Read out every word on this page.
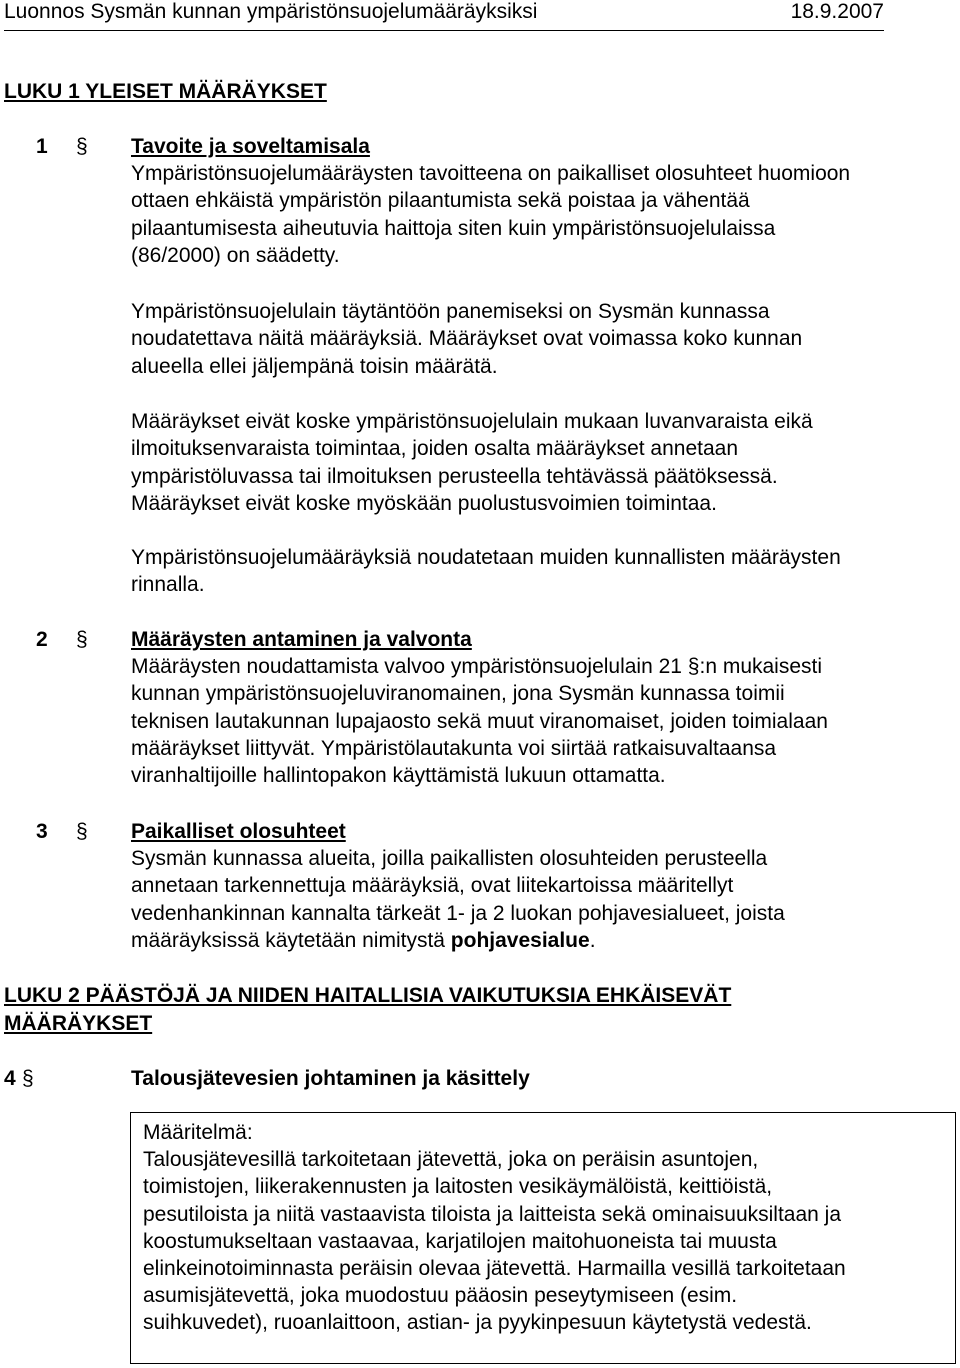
Luonnos Sysmän kunnan ympäristönsuojelumääräyksiksi	18.9.2007
LUKU 1 YLEISET MÄÄRÄYKSET
1 § Tavoite ja soveltamisala
Ympäristönsuojelumääräysten tavoitteena on paikalliset olosuhteet huomioon
ottaen ehkäistä ympäristön pilaantumista sekä poistaa ja vähentää
pilaantumisesta aiheutuvia haittoja siten kuin ympäristönsuojelulaissa
(86/2000) on säädetty.
Ympäristönsuojelulain täytäntöön panemiseksi on Sysmän kunnassa
noudatettava näitä määräyksiä. Määräykset ovat voimassa koko kunnan
alueella ellei jäljempänä toisin määrätä.
Määräykset eivät koske ympäristönsuojelulain mukaan luvanvaraista eikä
ilmoituksenvaraista toimintaa, joiden osalta määräykset annetaan
ympäristöluvassa tai ilmoituksen perusteella tehtävässä päätöksessä.
Määräykset eivät koske myöskään puolustusvoimien toimintaa.
Ympäristönsuojelumääräyksiä noudatetaan muiden kunnallisten määräysten
rinnalla.
2 § Määräysten antaminen ja valvonta
Määräysten noudattamista valvoo ympäristönsuojelulain 21 §:n mukaisesti
kunnan ympäristönsuojeluviranomainen, jona Sysmän kunnassa toimii
teknisen lautakunnan lupajaosto sekä muut viranomaiset, joiden toimialaan
määräykset liittyvät. Ympäristölautakunta voi siirtää ratkaisuvaltaansa
viranhaltijoille hallintopakon käyttämistä lukuun ottamatta.
3 § Paikalliset olosuhteet
Sysmän kunnassa alueita, joilla paikallisten olosuhteiden perusteella
annetaan tarkennettuja määräyksiä, ovat liitekartoissa määritellyt
vedenhankinnan kannalta tärkeät 1- ja 2 luokan pohjavesialueet, joista
määräyksissä käytetään nimitystä pohjavesialue.
LUKU 2 PÄÄSTÖJÄ JA NIIDEN HAITALLISIA VAIKUTUKSIA EHKÄISEVÄT
MÄÄRÄYKSET
4 §	Talousjätevesien johtaminen ja käsittely
Määritelmä:
Talousjätevesillä tarkoitetaan jätevettä, joka on peräisin asuntojen,
toimistojen, liikerakennusten ja laitosten vesikäymälöistä, keittiöistä,
pesutiloista ja niitä vastaavista tiloista ja laitteista sekä ominaisuuksiltaan ja
koostumukseltaan vastaavaa, karjatilojen maitohuoneista tai muusta
elinkeinotoiminnasta peräisin olevaa jätevettä. Harmailla vesillä tarkoitetaan
asumisjätevettä, joka muodostuu pääosin peseytymiseen (esim.
suihkuvedet), ruoanlaittoon, astian- ja pyykinpesuun käytetystä vedestä.
